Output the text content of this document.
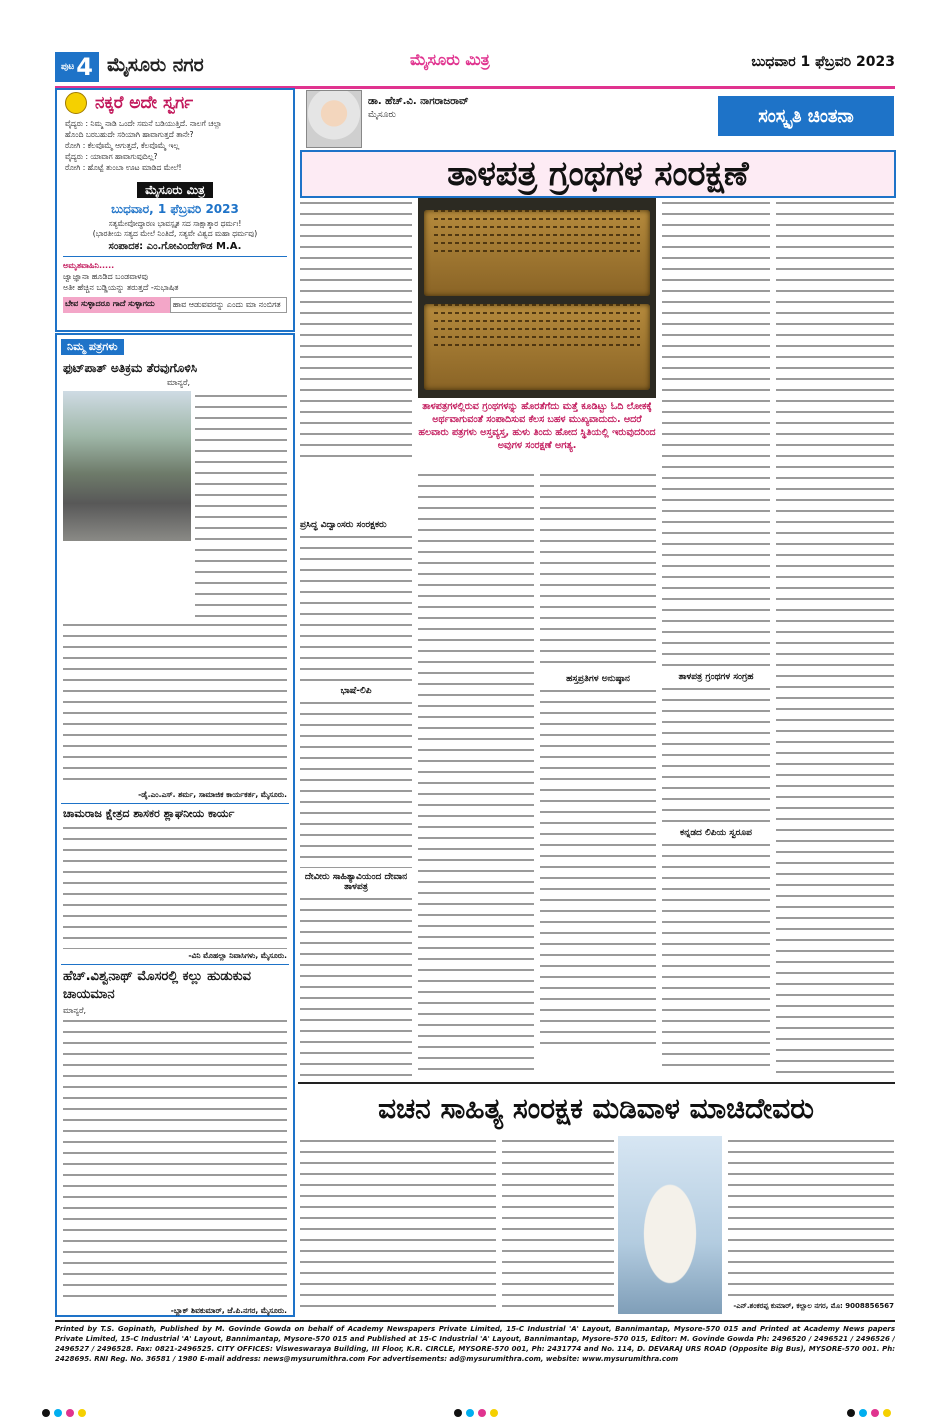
ಪುಟ 4 ಮೈಸೂರು ನಗರ	ಮೈಸೂರು ಮಿತ್ರ	ಬುಧವಾರ 1 ಫೆಬ್ರವರಿ 2023
ನಕ್ಕರೆ ಅದೇ ಸ್ವರ್ಗ
ವೈದ್ಯರು : ನಿಮ್ಮ ನಾಡಿ ಒಂದೇ ಸಮನೆ ಬಡಿಯುತ್ತಿದೆ. ನಾಲಗೆ ಚಲ್ಲಾ
ಹೊಂದಿ ಬರಬಹುದೇ ಸರಿಯಾಗಿ ಹಾವಾಗುತ್ತದೆ ತಾನೇ?
ರೋಗಿ : ಕೆಲವೊಮ್ಮೆ ಆಗುತ್ತದೆ, ಕೆಲವೊಮ್ಮೆ ಇಲ್ಲ
ವೈದ್ಯರು : ಯಾವಾಗ ಹಾವಾಗುವುದಿಲ್ಲ?
ರೋಗಿ : ಹೊಟ್ಟೆ ತುಂಬಾ ಊಟ ಮಾಡಿದ ಮೇಲೆ!
ಮೈಸೂರು ಮಿತ್ರ
ಬುಧವಾರ, 1 ಫೆಬ್ರವರಿ 2023
ಸತ್ಯಮೇವೋದ್ಧಾರಣ ಭಾವಸ್ಪೃತ ಸದ ಸಾಕ್ಷಾತ್ಕಾರ ಧರ್ಮಃ!
(ಭಾರತೀಯ ಸತ್ಯದ ಮೇಲೆ ನಿಂತಿದೆ, ಸತ್ಯವೇ ವಿಶ್ವದ ಮಹಾ ಧರ್ಮವು)
ಸಂಪಾದಕ: ಎಂ.ಗೋವಿಂದೇಗೌಡ M.A.
ಅಮೃತವಾಹಿನಿ.....
ಜ್ವಾಜ್ಞಾನಾ ಹೂಡಿದ ಬಂಡವಾಳವು
ಅತೀ ಹೆಚ್ಚಿನ ಬಡ್ಡಿಯನ್ನು ತರುತ್ತದೆ -ಸುಭಾಷಿತ
ಬೇವ ಸುಳ್ಳಾದರೂ ಗಾದೆ ಸುಳ್ಳಾಗದು	ಹಾವ ಆಡುವವರನ್ನು ಎಂದು ಮಾ ನಂಬಿಗತ
ನಿಮ್ಮ ಪತ್ರಗಳು
ಫುಟ್‌ಪಾತ್ ಅತಿಕ್ರಮ ತೆರವುಗೊಳಿಸಿ
ಮಾನ್ಯರೆ,
-ಡೈ.ಎಂ.ಎಸ್. ಶರ್ಮ, ಸಾಮಾಜಿಕ ಕಾರ್ಯಕರ್ತ, ಮೈಸೂರು.
ಚಾಮರಾಜ ಕ್ಷೇತ್ರದ ಶಾಸಕರ ಶ್ಲಾಘನೀಯ ಕಾರ್ಯ
-ವಿನಿ ಮೊಹಲ್ಲಾ ನಿವಾಸಿಗಳು, ಮೈಸೂರು.
ಹೆಚ್.ವಿಶ್ವನಾಥ್ ಮೊಸರಲ್ಲಿ ಕಲ್ಲು ಹುಡುಕುವ ಚಾಯಮಾನ
ಮಾನ್ಯರೆ,
-ಬ್ಲಾಕ್ ಶಿವಕುಮಾರ್, ಜೆ.ಪಿ.ನಗರ, ಮೈಸೂರು.
ಡಾ. ಹೆಚ್.ವಿ. ನಾಗರಾಜರಾವ್
ಮೈಸೂರು	ಸಂಸ್ಕೃತಿ ಚಿಂತನಾ
ತಾಳಪತ್ರ ಗ್ರಂಥಗಳ ಸಂರಕ್ಷಣೆ
ತಾಳಪತ್ರಗಳಲ್ಲಿರುವ ಗ್ರಂಥಗಳನ್ನು ಹೊರತೆಗೆದು ಮತ್ತೆ ಕೂಡಿಟ್ಟು ಓದಿ ಲೋಕಕ್ಕೆ ಅರ್ಥವಾಗುವಂತೆ ಸಂಪಾದಿಸುವ ಕೆಲಸ ಬಹಳ ಮುಖ್ಯವಾದುದು. ಆದರೆ ಹಲವಾರು ಪತ್ರಗಳು ಅಸ್ತವ್ಯಸ್ತ, ಹುಳು ತಿಂದು ಹೋದ ಸ್ಥಿತಿಯಲ್ಲಿ ಇರುವುದರಿಂದ ಅವುಗಳ ಸಂರಕ್ಷಣೆ ಅಗತ್ಯ.
ಪ್ರಸಿದ್ಧ ವಿದ್ವಾಂಸರು ಸಂರಕ್ಷಕರು
ಭಾಷೆ-ಲಿಪಿ
ದೇವೀರು ಸಾಹಿತ್ಯಾವಿಯಂದ ದೇವಾನ ತಾಳಪತ್ರ
ಹಸ್ತಪ್ರತಿಗಳ ಅನುಷ್ಠಾನ	ತಾಳಪತ್ರ ಗ್ರಂಥಗಳ ಸಂಗ್ರಹ
ಕನ್ನಡದ ಲಿಪಿಯ ಸ್ವರೂಪ
ವಚನ ಸಾಹಿತ್ಯ ಸಂರಕ್ಷಕ ಮಡಿವಾಳ ಮಾಚಿದೇವರು
-ಎನ್.ಶಂಕರಪ್ಪ ಕುಮಾರ್, ಕಲ್ಲಾಲ ನಗರ, ಮೊ: 9008856567
Printed by T.S. Gopinath, Published by M. Govinde Gowda on behalf of Academy Newspapers Private Limited, 15-C Industrial 'A' Layout, Bannimantap, Mysore-570 015 and Printed at Academy News papers Private Limited, 15-C Industrial 'A' Layout, Bannimantap, Mysore-570 015 and Published at 15-C Industrial 'A' Layout, Bannimantap, Mysore-570 015, Editor: M. Govinde Gowda Ph: 2496520 / 2496521 / 2496526 / 2496527 / 2496528. Fax: 0821-2496525. CITY OFFICES: Visweswaraya Building, III Floor, K.R. CIRCLE, MYSORE-570 001, Ph: 2431774 and No. 114, D. DEVARAJ URS ROAD (Opposite Big Bus), MYSORE-570 001. Ph: 2428695. RNI Reg. No. 36581 / 1980 E-mail address: news@mysurumithra.com For advertisements: ad@mysurumithra.com, website: www.mysurumithra.com
